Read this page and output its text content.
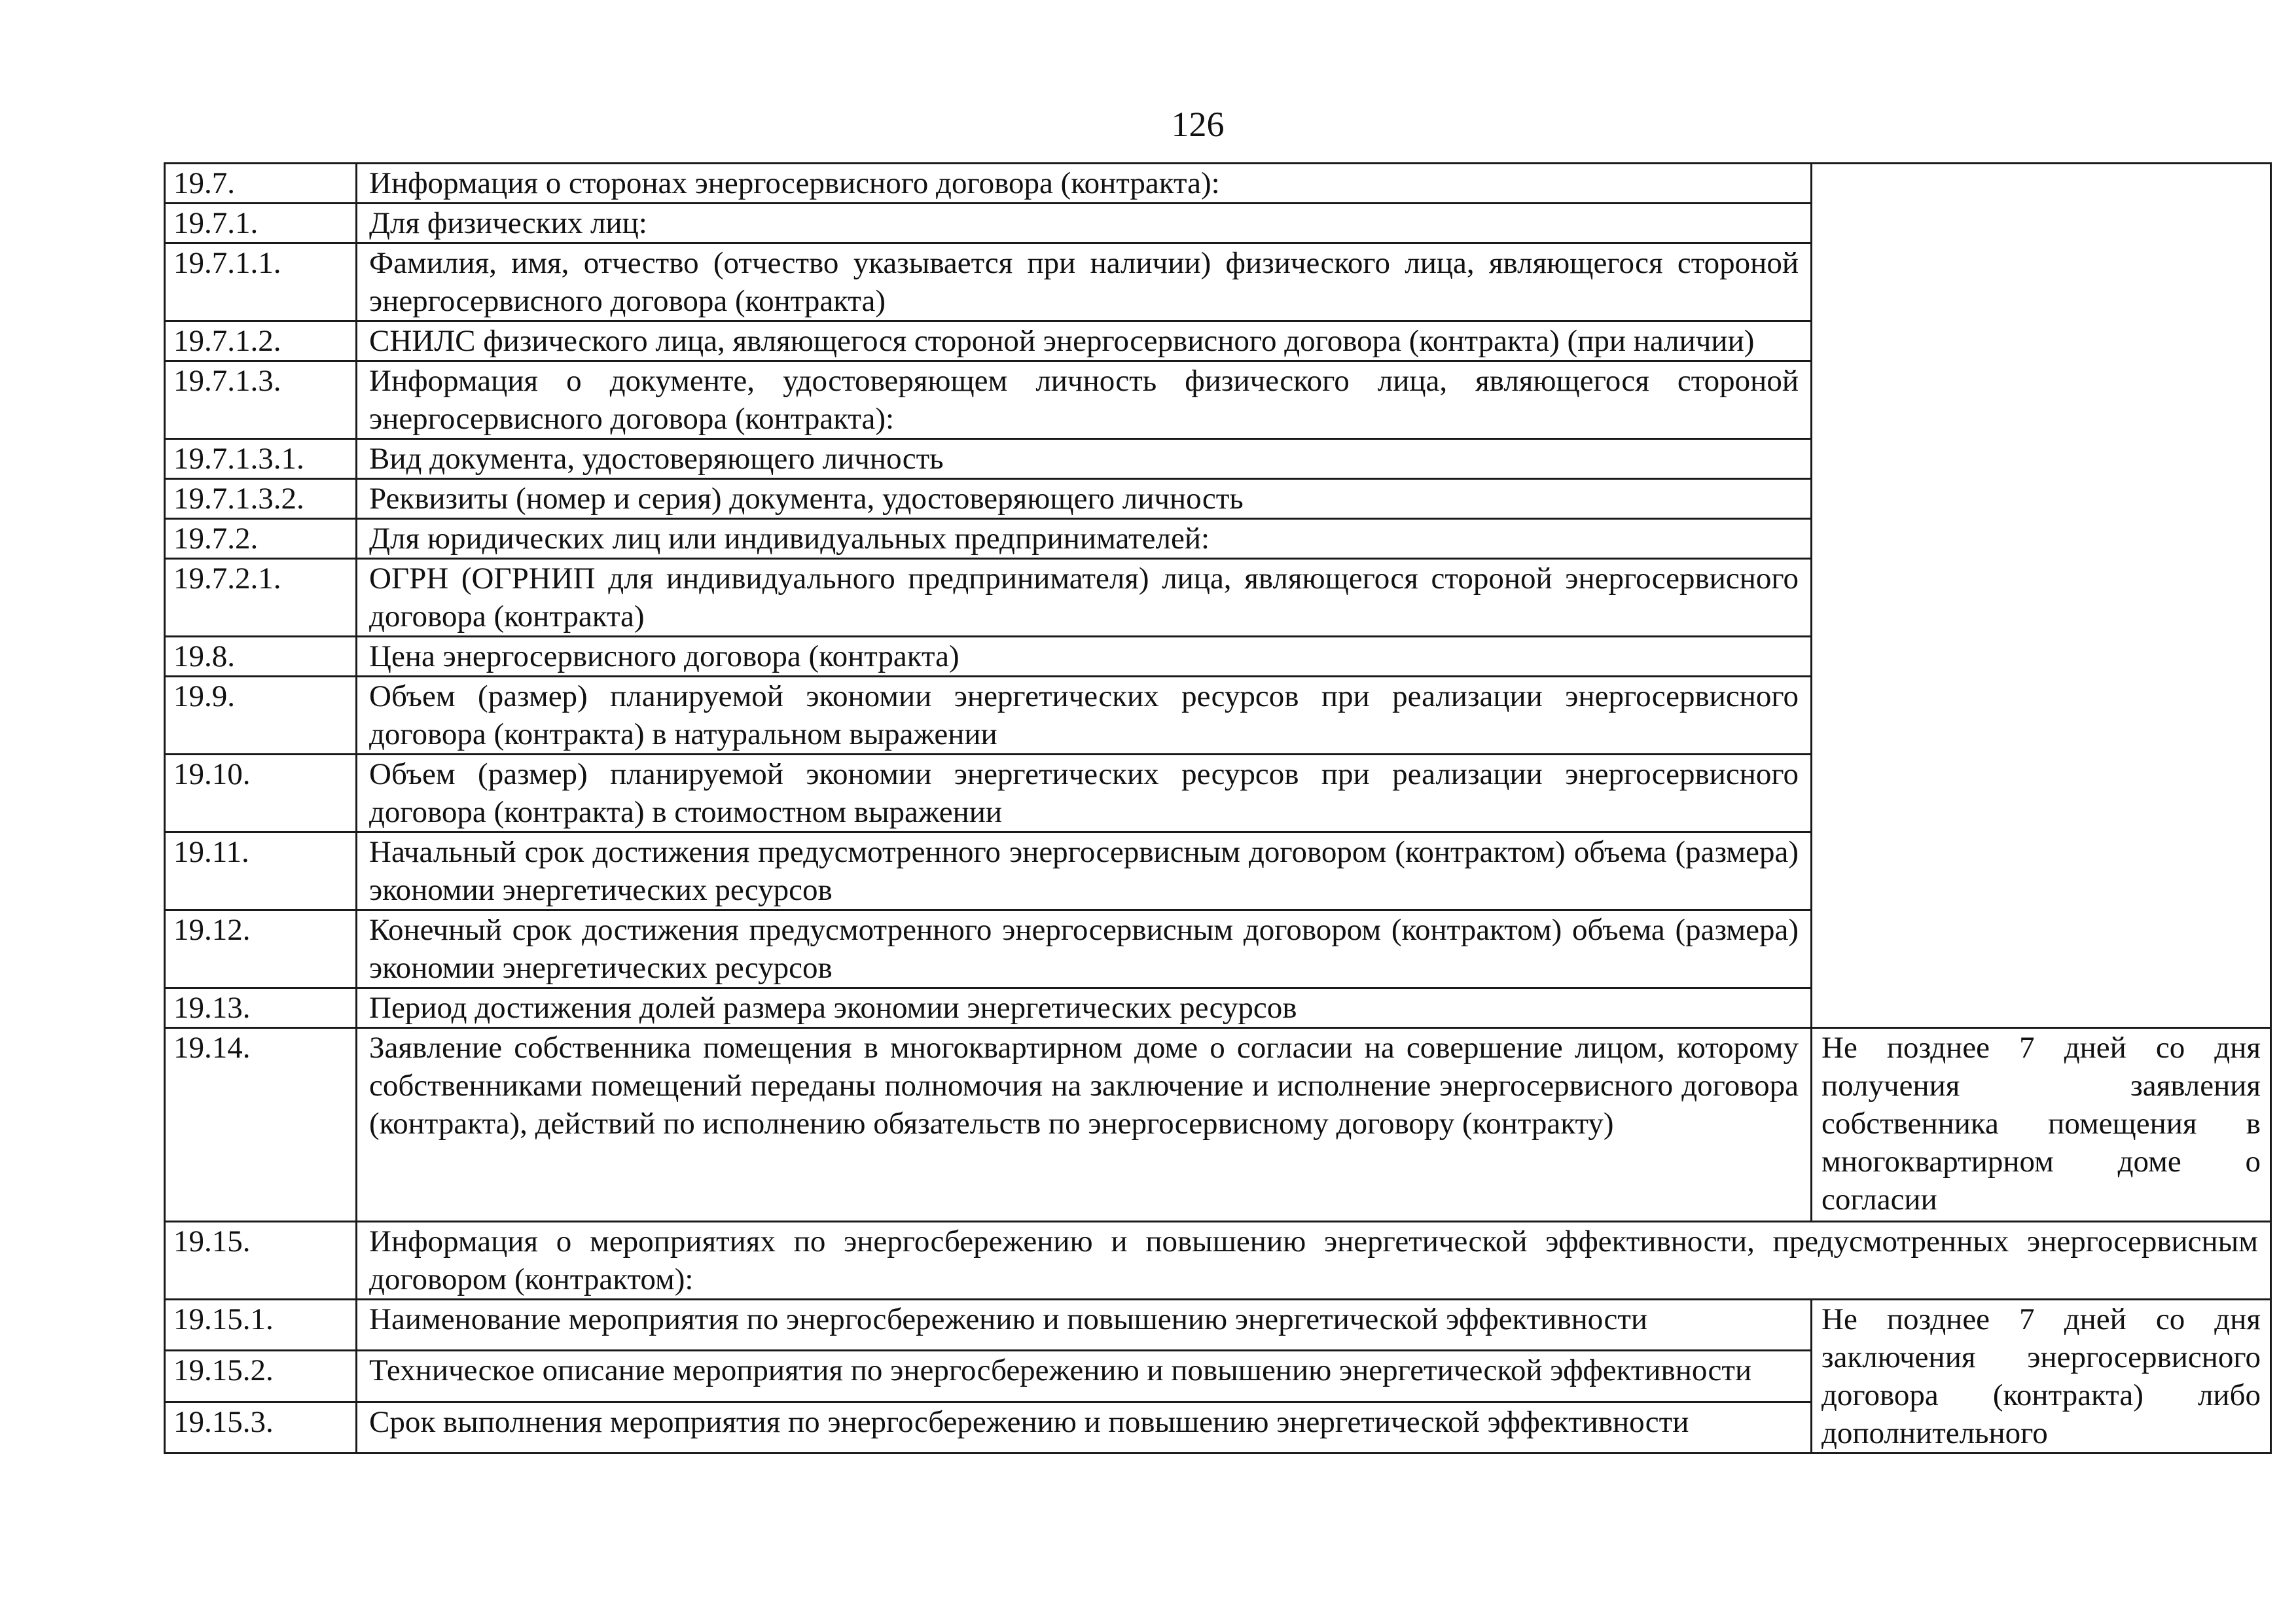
126
19.7.	Информация о сторонах энергосервисного договора (контракта):	
19.7.1.	Для физических лиц:	
19.7.1.1.	Фамилия, имя, отчество (отчество указывается при наличии) физического лица, являющегося стороной энергосервисного договора (контракта)	
19.7.1.2.	СНИЛС физического лица, являющегося стороной энергосервисного договора (контракта) (при наличии)	
19.7.1.3.	Информация о документе, удостоверяющем личность физического лица, являющегося стороной энергосервисного договора (контракта):	
19.7.1.3.1.	Вид документа, удостоверяющего личность	
19.7.1.3.2.	Реквизиты (номер и серия) документа, удостоверяющего личность	
19.7.2.	Для юридических лиц или индивидуальных предпринимателей:	
19.7.2.1.	ОГРН (ОГРНИП для индивидуального предпринимателя) лица, являющегося стороной энергосервисного договора (контракта)	
19.8.	Цена энергосервисного договора (контракта)	
19.9.	Объем (размер) планируемой экономии энергетических ресурсов при реализации энергосервисного договора (контракта) в натуральном выражении	
19.10.	Объем (размер) планируемой экономии энергетических ресурсов при реализации энергосервисного договора (контракта) в стоимостном выражении	
19.11.	Начальный срок достижения предусмотренного энергосервисным договором (контрактом) объема (размера) экономии энергетических ресурсов	
19.12.	Конечный срок достижения предусмотренного энергосервисным договором (контрактом) объема (размера) экономии энергетических ресурсов	
19.13.	Период достижения долей размера экономии энергетических ресурсов	
19.14.	Заявление собственника помещения в многоквартирном доме о согласии на совершение лицом, которому собственниками помещений переданы полномочия на заключение и исполнение энергосервисного договора (контракта), действий по исполнению обязательств по энергосервисному договору (контракту)	Не позднее 7 дней со дня получения заявления собственника помещения в многоквартирном доме о согласии
19.15.	Информация о мероприятиях по энергосбережению и повышению энергетической эффективности, предусмотренных энергосервисным договором (контрактом):	
19.15.1.	Наименование мероприятия по энергосбережению и повышению энергетической эффективности	Не позднее 7 дней со дня заключения энергосервисного договора (контракта) либо дополнительного
19.15.2.	Техническое описание мероприятия по энергосбережению и повышению энергетической эффективности	
19.15.3.	Срок выполнения мероприятия по энергосбережению и повышению энергетической эффективности	
